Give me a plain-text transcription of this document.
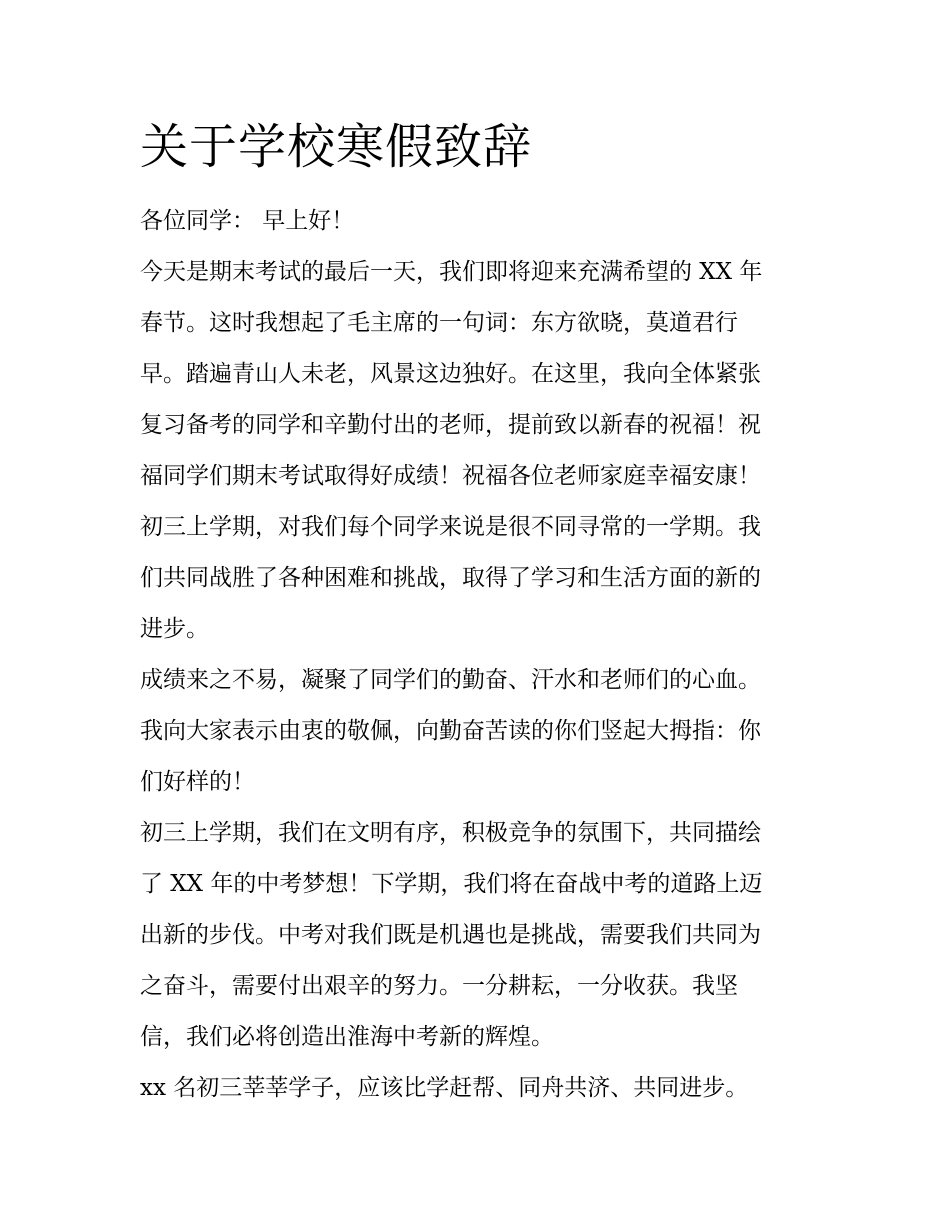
关于学校寒假致辞
各位同学： 早上好！
今天是期末考试的最后一天，我们即将迎来充满希望的 XX 年
春节。这时我想起了毛主席的一句词：东方欲晓，莫道君行
早。踏遍青山人未老，风景这边独好。在这里，我向全体紧张
复习备考的同学和辛勤付出的老师，提前致以新春的祝福！祝
福同学们期末考试取得好成绩！祝福各位老师家庭幸福安康！
初三上学期，对我们每个同学来说是很不同寻常的一学期。我
们共同战胜了各种困难和挑战，取得了学习和生活方面的新的
进步。
成绩来之不易，凝聚了同学们的勤奋、汗水和老师们的心血。
我向大家表示由衷的敬佩，向勤奋苦读的你们竖起大拇指：你
们好样的！
初三上学期，我们在文明有序，积极竞争的氛围下，共同描绘
了 XX 年的中考梦想！下学期，我们将在奋战中考的道路上迈
出新的步伐。中考对我们既是机遇也是挑战，需要我们共同为
之奋斗，需要付出艰辛的努力。一分耕耘，一分收获。我坚
信，我们必将创造出淮海中考新的辉煌。
xx 名初三莘莘学子，应该比学赶帮、同舟共济、共同进步。
